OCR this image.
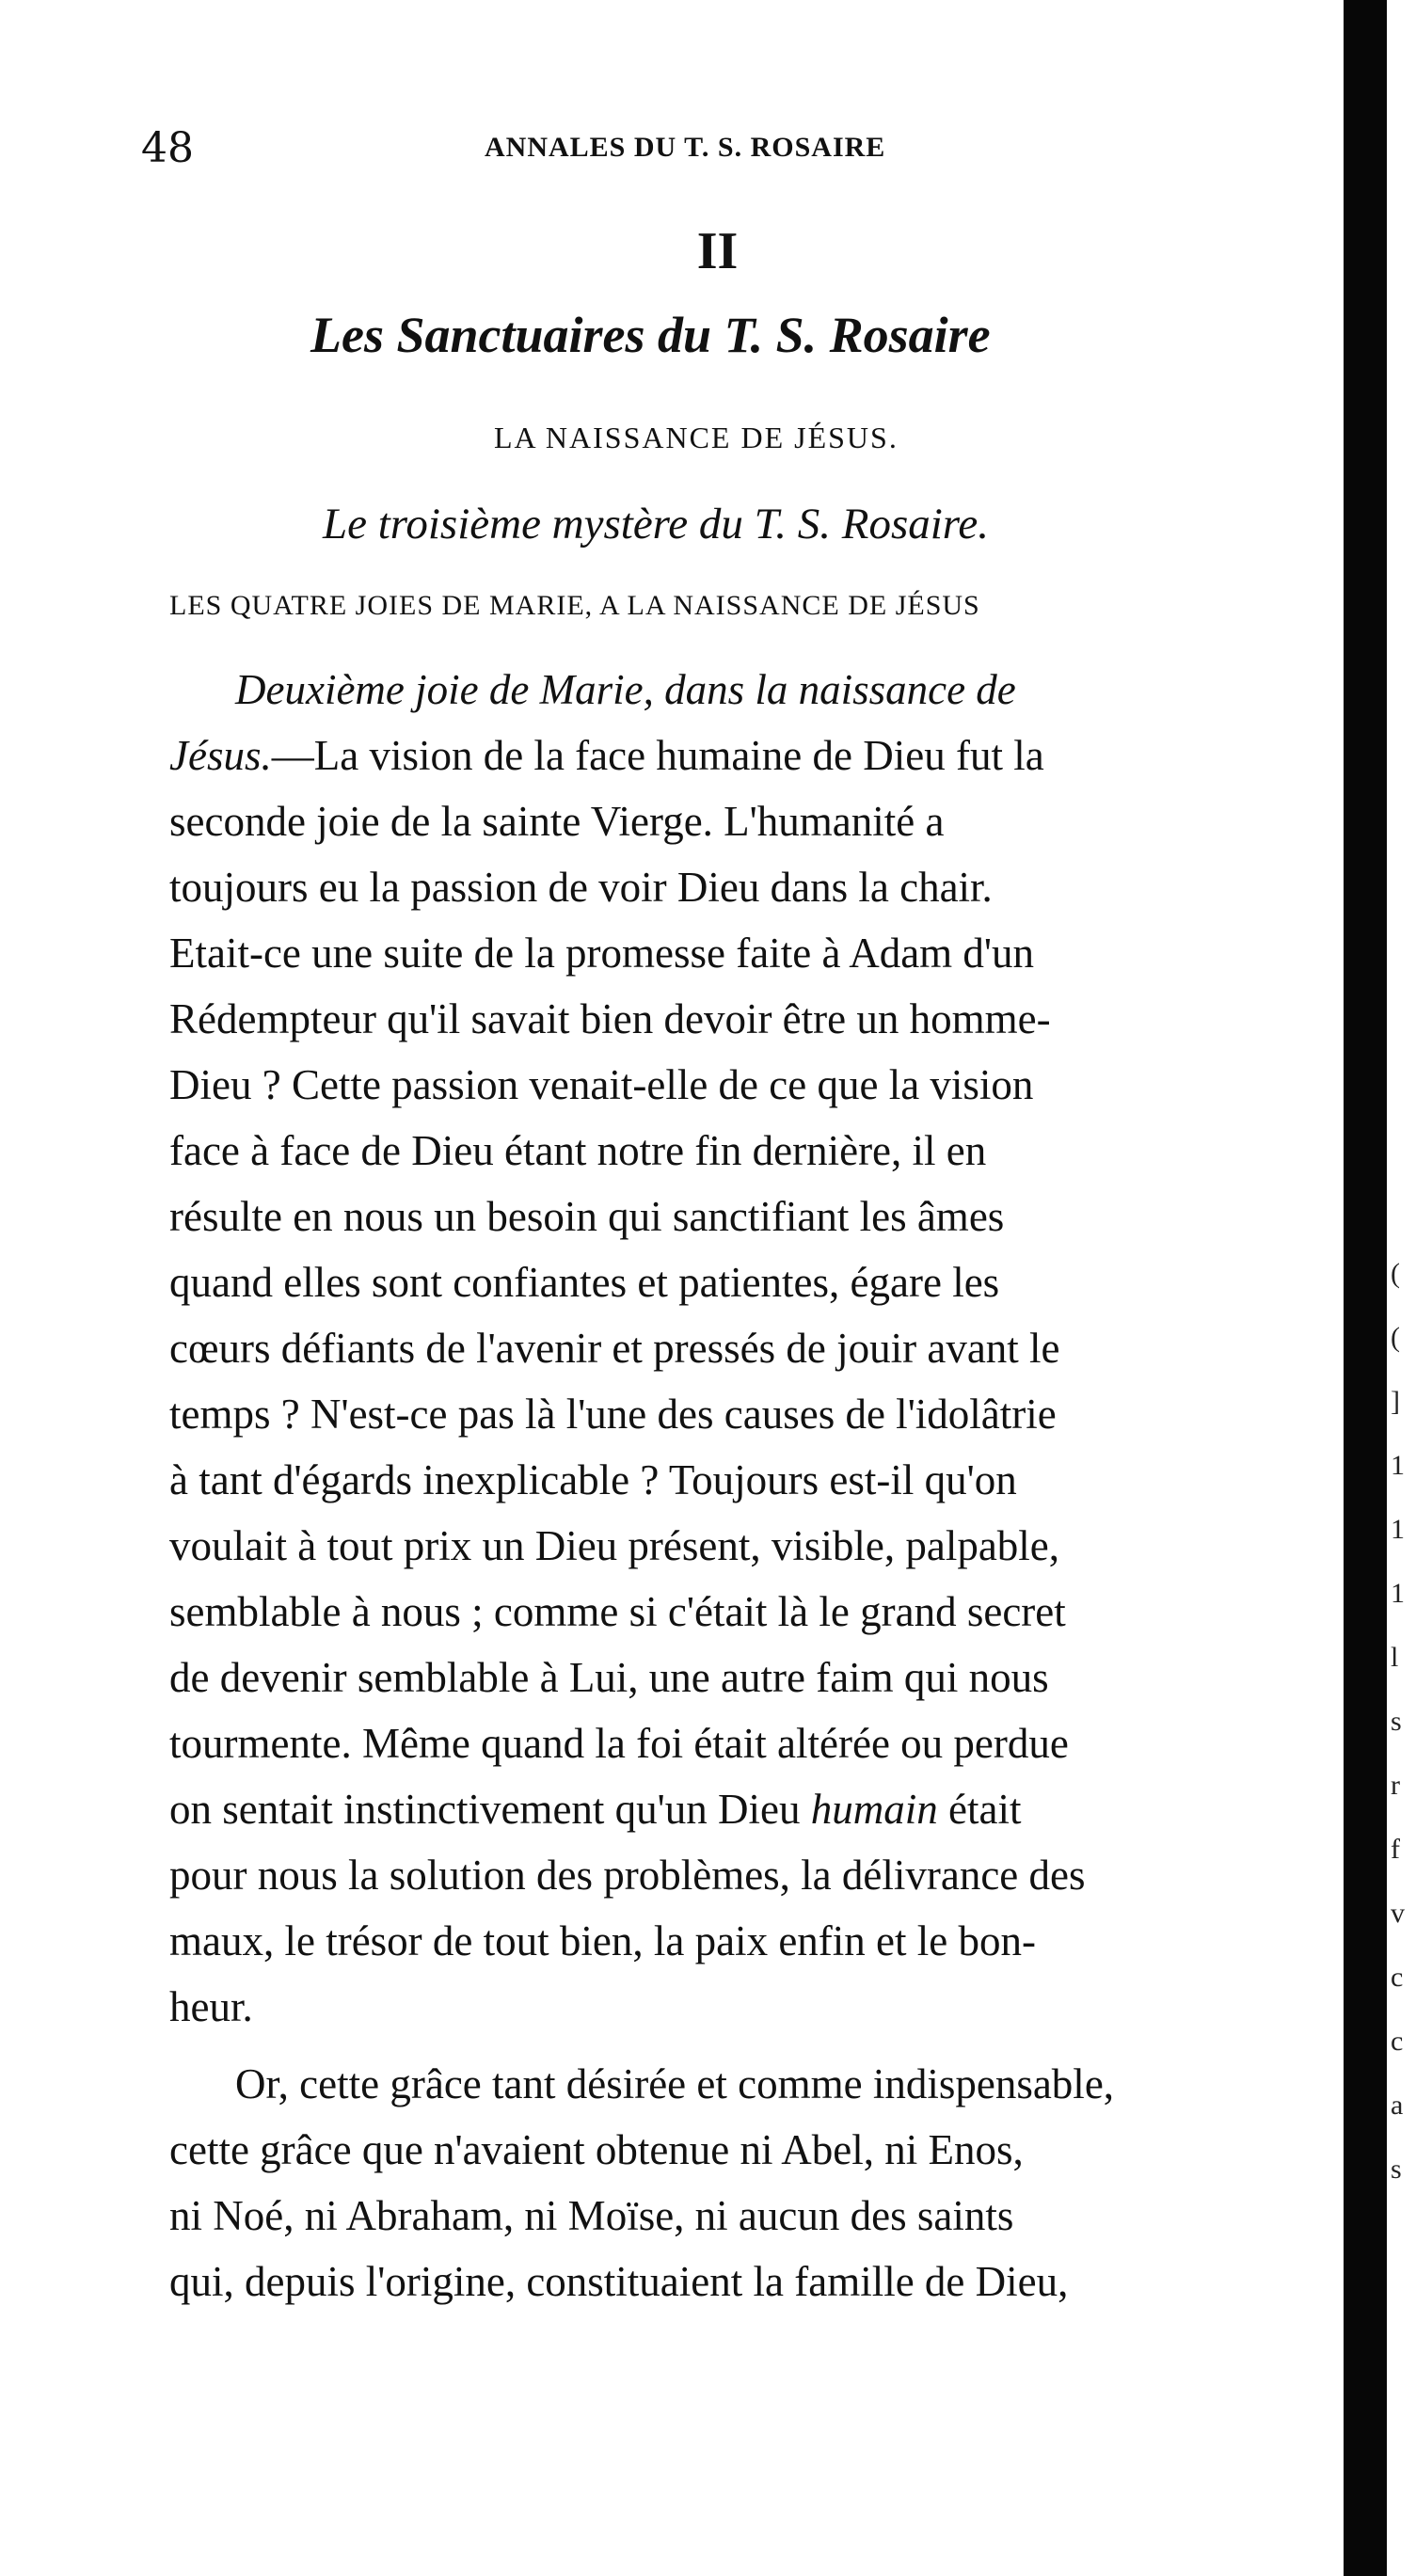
48	ANNALES DU T. S. ROSAIRE
II
Les Sanctuaires du T. S. Rosaire
LA NAISSANCE DE JÉSUS.
Le troisième mystère du T. S. Rosaire.
LES QUATRE JOIES DE MARIE, A LA NAISSANCE DE JÉSUS
Deuxième joie de Marie, dans la naissance de
Jésus.—La vision de la face humaine de Dieu fut la
seconde joie de la sainte Vierge. L'humanité a
toujours eu la passion de voir Dieu dans la chair.
Etait-ce une suite de la promesse faite à Adam d'un
Rédempteur qu'il savait bien devoir être un homme-
Dieu ? Cette passion venait-elle de ce que la vision
face à face de Dieu étant notre fin dernière, il en
résulte en nous un besoin qui sanctifiant les âmes
quand elles sont confiantes et patientes, égare les
cœurs défiants de l'avenir et pressés de jouir avant le
temps ? N'est-ce pas là l'une des causes de l'idolâtrie
à tant d'égards inexplicable ? Toujours est-il qu'on
voulait à tout prix un Dieu présent, visible, palpable,
semblable à nous ; comme si c'était là le grand secret
de devenir semblable à Lui, une autre faim qui nous
tourmente. Même quand la foi était altérée ou perdue
on sentait instinctivement qu'un Dieu humain était
pour nous la solution des problèmes, la délivrance des
maux, le trésor de tout bien, la paix enfin et le bon-
heur.
Or, cette grâce tant désirée et comme indispensable,
cette grâce que n'avaient obtenue ni Abel, ni Enos,
ni Noé, ni Abraham, ni Moïse, ni aucun des saints
qui, depuis l'origine, constituaient la famille de Dieu,
(
(
]
1
1
1
l
s
r
f
v
c
c
a
s
